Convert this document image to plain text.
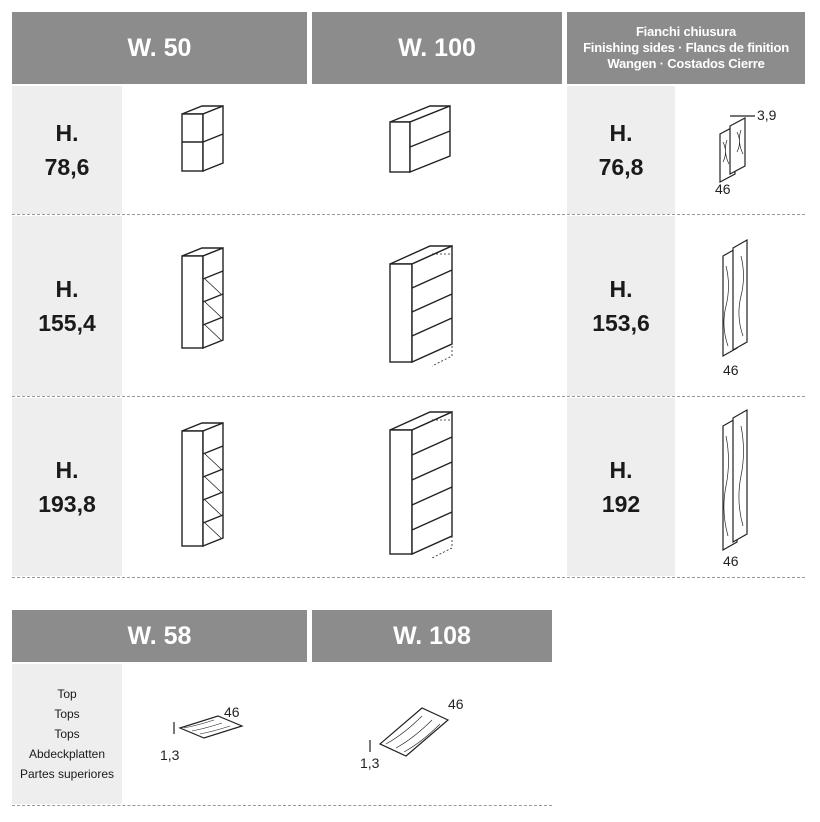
W. 50	W. 100
Fianchi chiusura
Finishing sides · Flancs de finition
Wangen · Costados Cierre
H.
78,6
H.
155,4
H.
193,8
H.
76,8
H.
153,6
H.
192
3,9
46
46
46
W. 58	W. 108
Top
Tops
Tops
Abdeckplatten
Partes superiores
46
1,3
46
1,3
